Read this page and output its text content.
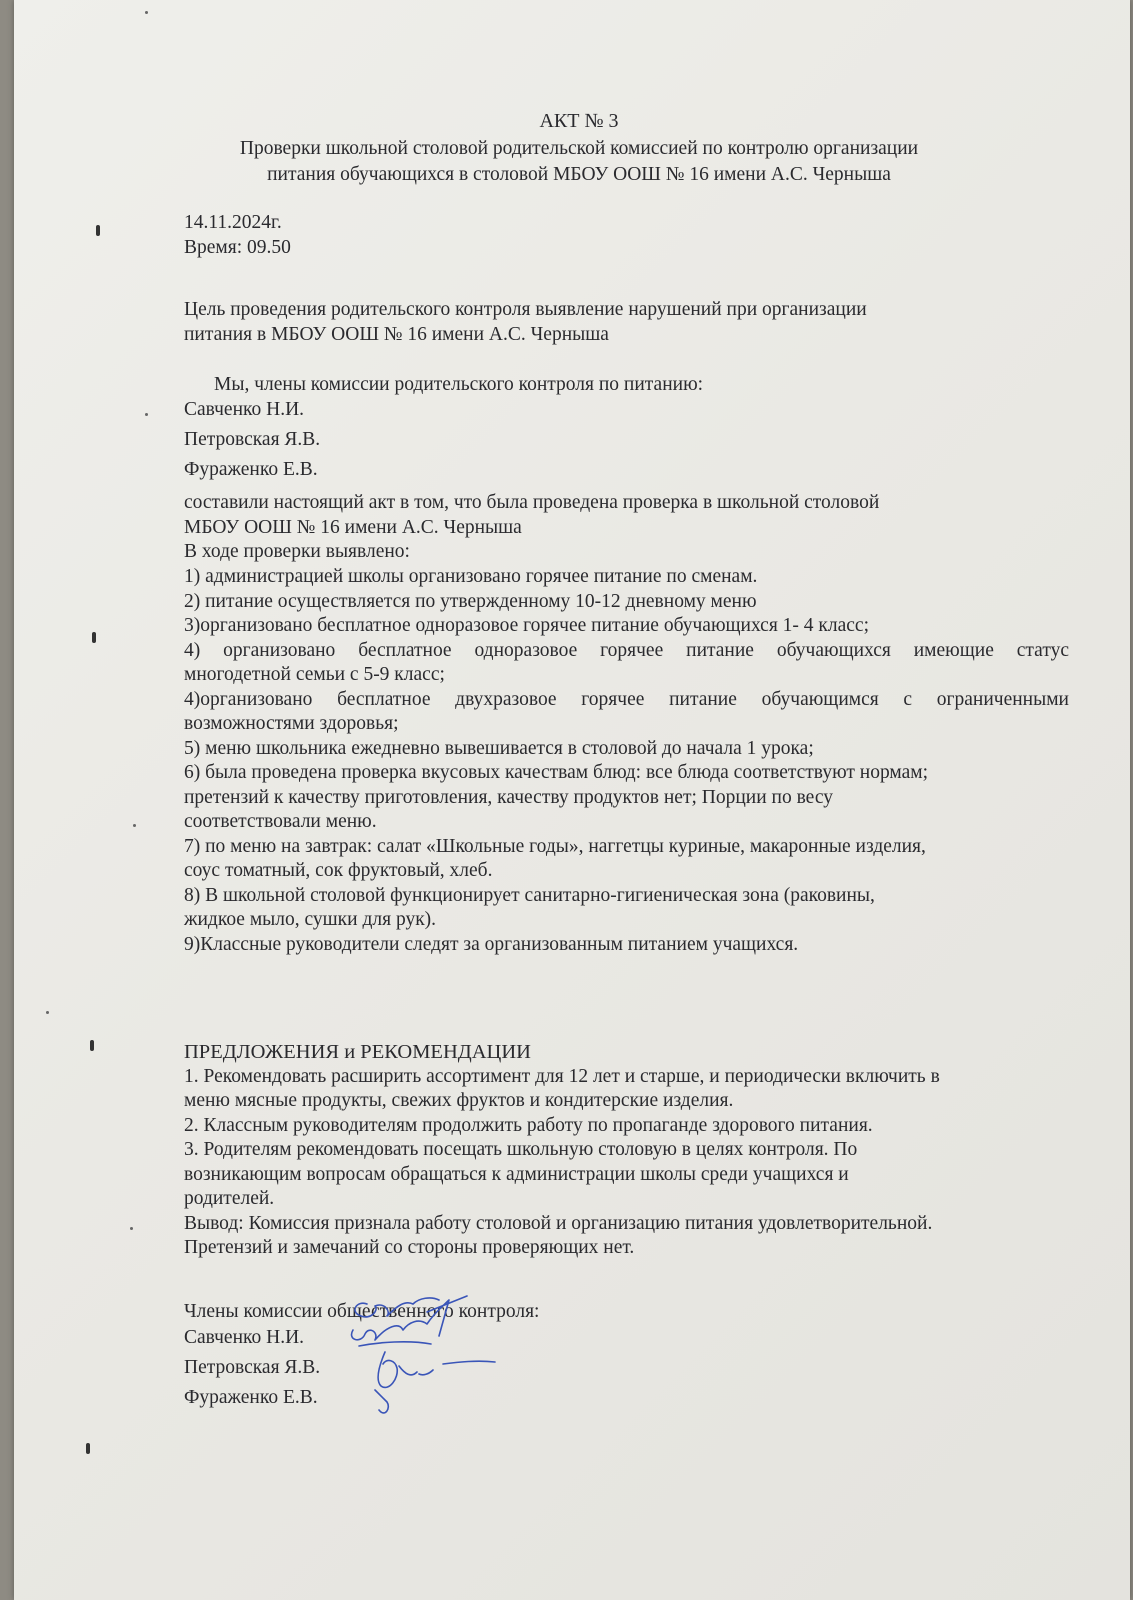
АКТ № 3
Проверки школьной столовой родительской комиссией по контролю организации
питания обучающихся в столовой МБОУ ООШ № 16 имени А.С. Черныша
14.11.2024г.
Время: 09.50
Цель проведения родительского контроля выявление нарушений при организации
питания в МБОУ ООШ № 16 имени А.С. Черныша
Мы, члены комиссии родительского контроля по питанию:
Савченко Н.И.
Петровская Я.В.
Фураженко Е.В.
составили настоящий акт в том, что была проведена проверка в школьной столовой
МБОУ ООШ № 16 имени А.С. Черныша
В ходе проверки выявлено:
1) администрацией школы организовано горячее питание по сменам.
2) питание осуществляется по утвержденному 10-12 дневному меню
3)организовано бесплатное одноразовое горячее питание обучающихся 1- 4 класс;
4) организовано бесплатное одноразовое горячее питание обучающихся имеющие статус
многодетной семьи с 5-9 класс;
4)организовано бесплатное двухразовое горячее питание обучающимся с ограниченными
возможностями здоровья;
5) меню школьника ежедневно вывешивается в столовой до начала 1 урока;
6) была проведена проверка вкусовых качествам блюд: все блюда соответствуют нормам;
претензий к качеству приготовления, качеству продуктов нет; Порции по весу
соответствовали меню.
7) по меню на завтрак: салат «Школьные годы», наггетцы куриные, макаронные изделия,
соус томатный, сок фруктовый, хлеб.
8) В школьной столовой функционирует санитарно-гигиеническая зона (раковины,
жидкое мыло, сушки для рук).
9)Классные руководители следят за организованным питанием учащихся.
ПРЕДЛОЖЕНИЯ и РЕКОМЕНДАЦИИ
1. Рекомендовать расширить ассортимент для 12 лет и старше, и периодически включить в
меню мясные продукты, свежих фруктов и кондитерские изделия.
2. Классным руководителям продолжить работу по пропаганде здорового питания.
3. Родителям рекомендовать посещать школьную столовую в целях контроля. По
возникающим вопросам обращаться к администрации школы среди учащихся и
родителей.
Вывод: Комиссия признала работу столовой и организацию питания удовлетворительной.
Претензий и замечаний со стороны проверяющих нет.
Члены комиссии общественного контроля:
Савченко Н.И.
Петровская Я.В.
Фураженко Е.В.
